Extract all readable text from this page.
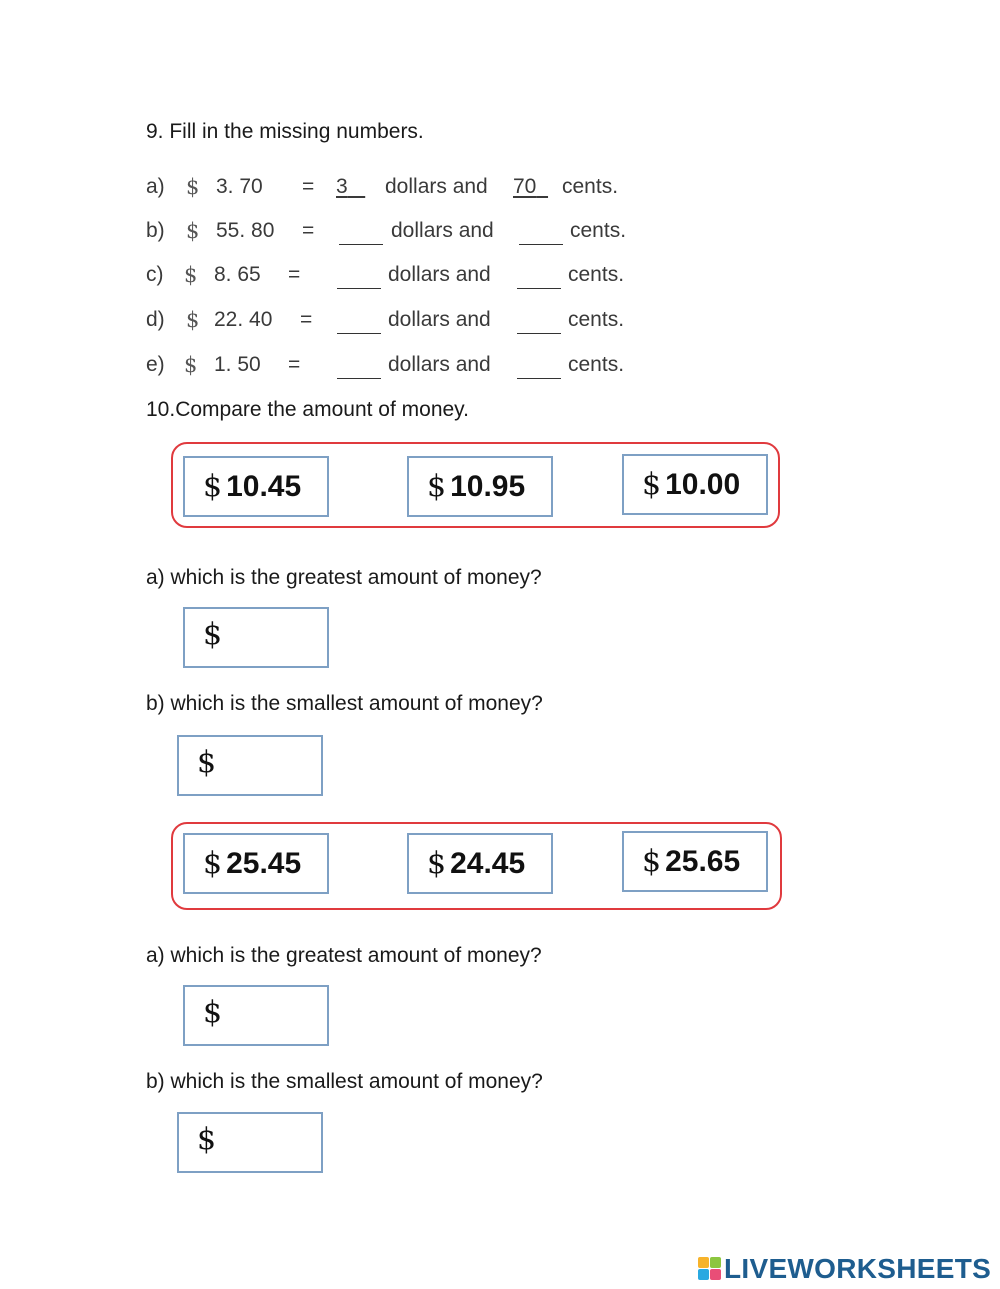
9. Fill in the missing numbers.
a) $ 3. 70 = 3	dollars and 70	cents.
b) $ 55. 80 =	dollars and	cents.
c) $ 8. 65 =	dollars and	cents.
d) $ 22. 40 =	dollars and	cents.
e) $ 1. 50 =	dollars and	cents.
10.Compare the amount of money.
$ 10.45	$ 10.95	$ 10.00
a) which is the greatest amount of money?
$
b) which is the smallest amount of money?
$
$ 25.45	$ 24.45	$ 25.65
a) which is the greatest amount of money?
$
b) which is the smallest amount of money?
$
LIVEWORKSHEETS
